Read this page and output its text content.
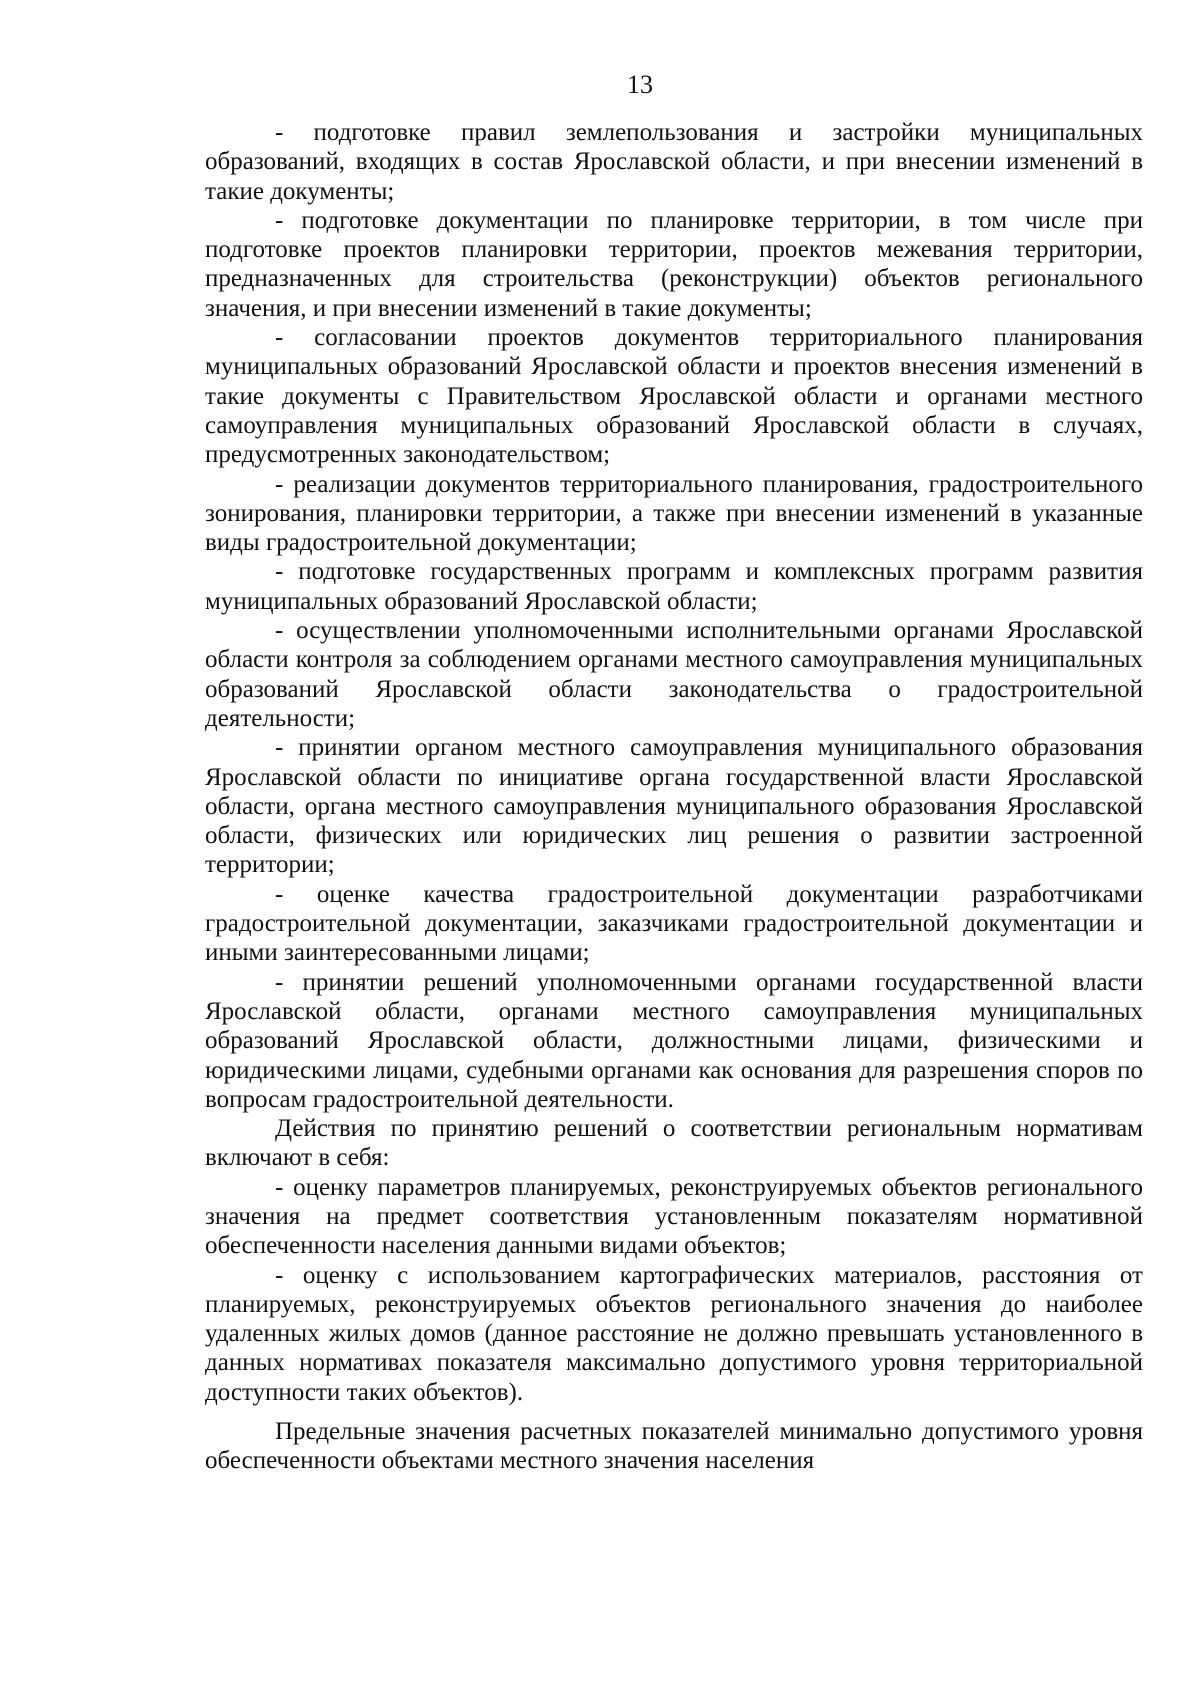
13

- подготовке правил землепользования и застройки муниципальных образований, входящих в состав Ярославской области, и при внесении изменений в такие документы;

- подготовке документации по планировке территории, в том числе при подготовке проектов планировки территории, проектов межевания территории, предназначенных для строительства (реконструкции) объектов регионального значения, и при внесении изменений в такие документы;

- согласовании проектов документов территориального планирования муниципальных образований Ярославской области и проектов внесения изменений в такие документы с Правительством Ярославской области и органами местного самоуправления муниципальных образований Ярославской области в случаях, предусмотренных законодательством;

- реализации документов территориального планирования, градостроительного зонирования, планировки территории, а также при внесении изменений в указанные виды градостроительной документации;

- подготовке государственных программ и комплексных программ развития муниципальных образований Ярославской области;

- осуществлении уполномоченными исполнительными органами Ярославской области контроля за соблюдением органами местного самоуправления муниципальных образований Ярославской области законодательства о градостроительной деятельности;

- принятии органом местного самоуправления муниципального образования Ярославской области по инициативе органа государственной власти Ярославской области, органа местного самоуправления муниципального образования Ярославской области, физических или юридических лиц решения о развитии застроенной территории;

- оценке качества градостроительной документации разработчиками градостроительной документации, заказчиками градостроительной документации и иными заинтересованными лицами;

- принятии решений уполномоченными органами государственной власти Ярославской области, органами местного самоуправления муниципальных образований Ярославской области, должностными лицами, физическими и юридическими лицами, судебными органами как основания для разрешения споров по вопросам градостроительной деятельности.

Действия по принятию решений о соответствии региональным нормативам включают в себя:

- оценку параметров планируемых, реконструируемых объектов регионального значения на предмет соответствия установленным показателям нормативной обеспеченности населения данными видами объектов;

- оценку с использованием картографических материалов, расстояния от планируемых, реконструируемых объектов регионального значения до наиболее удаленных жилых домов (данное расстояние не должно превышать установленного в данных нормативах показателя максимально допустимого уровня территориальной доступности таких объектов).

Предельные значения расчетных показателей минимально допустимого уровня обеспеченности объектами местного значения населения
